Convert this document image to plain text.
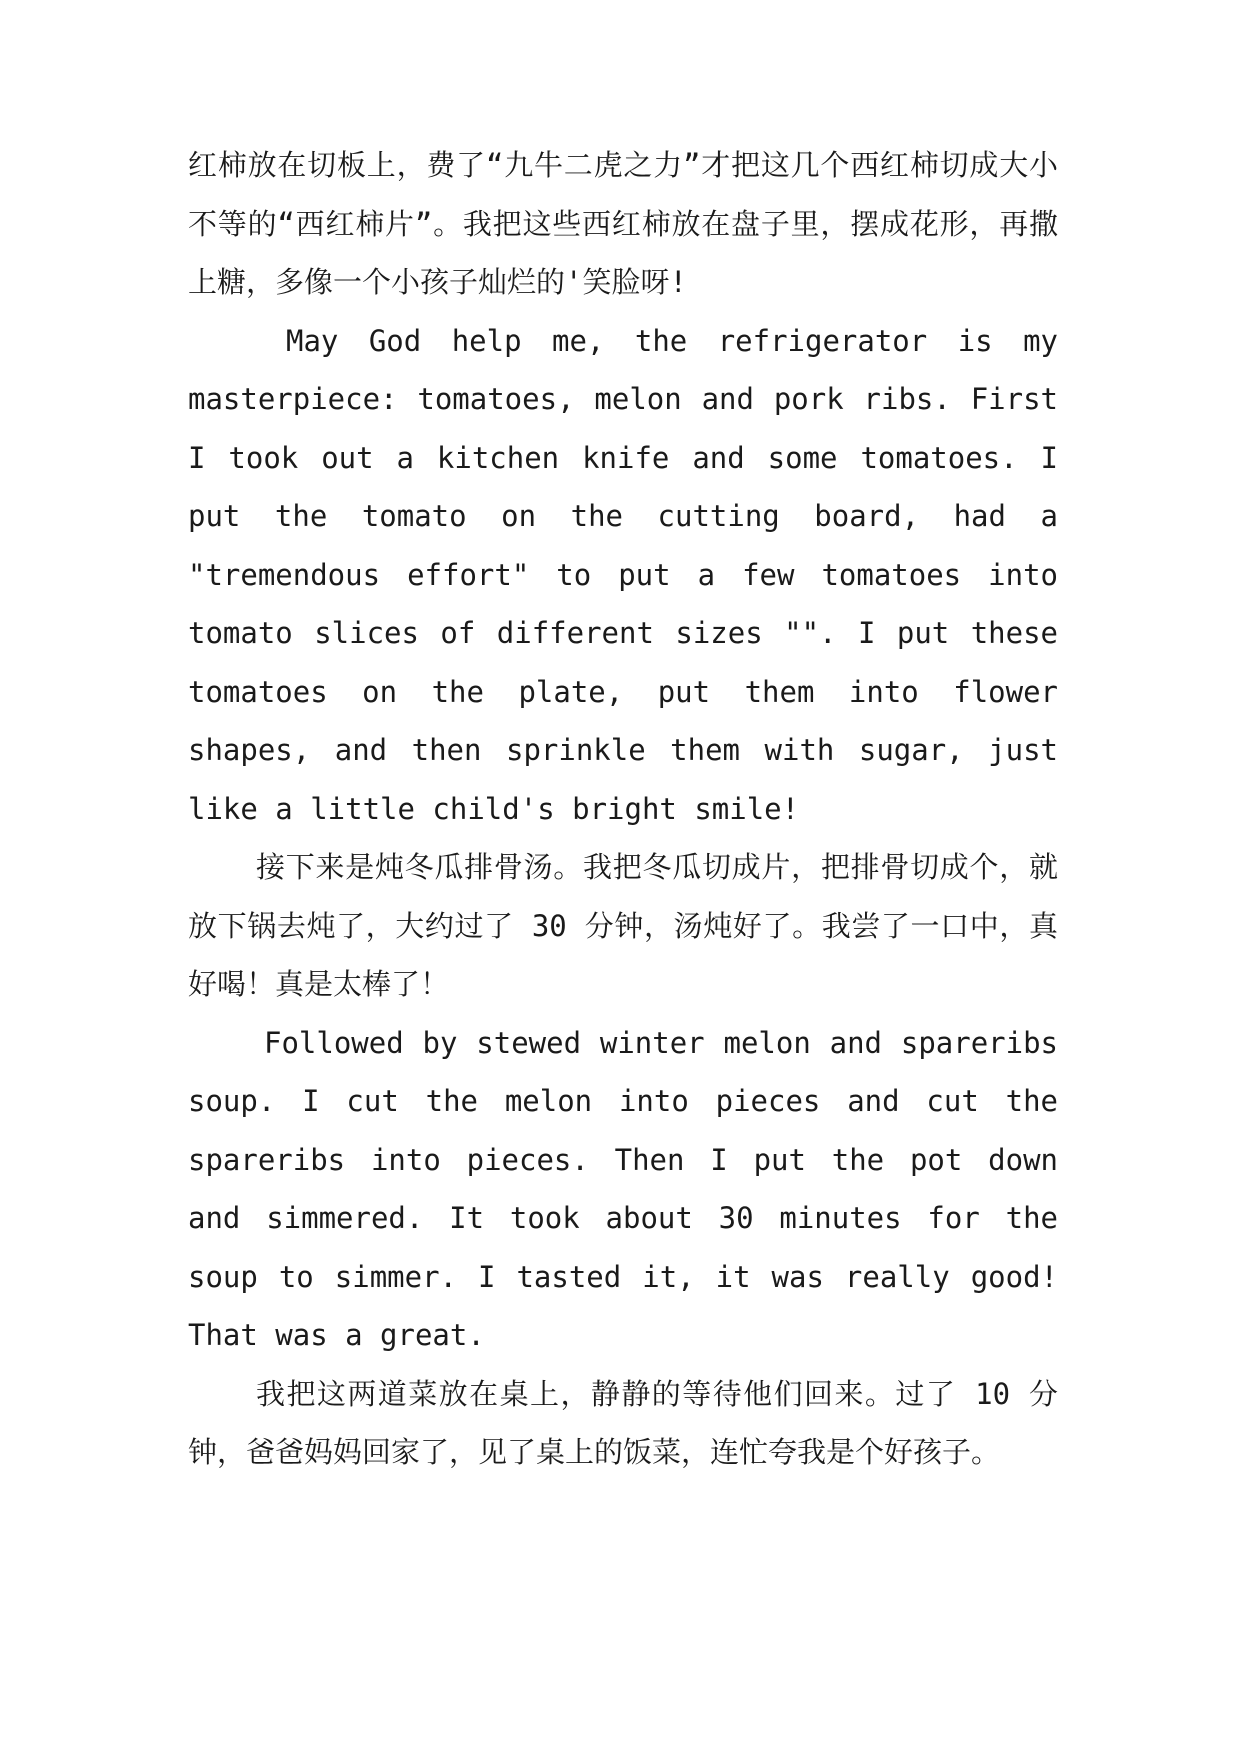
红柿放在切板上，费了“九牛二虎之力”才把这几个西红柿切成大小不等的“西红柿片”。我把这些西红柿放在盘子里，摆成花形，再撒上糖，多像一个小孩子灿烂的'笑脸呀!

May God help me, the refrigerator is my masterpiece: tomatoes, melon and pork ribs. First I took out a kitchen knife and some tomatoes. I put the tomato on the cutting board, had a "tremendous effort" to put a few tomatoes into tomato slices of different sizes "". I put these tomatoes on the plate, put them into flower shapes, and then sprinkle them with sugar, just like a little child's bright smile!

接下来是炖冬瓜排骨汤。我把冬瓜切成片，把排骨切成个，就放下锅去炖了，大约过了 30 分钟，汤炖好了。我尝了一口中，真好喝！真是太棒了！

Followed by stewed winter melon and spareribs soup. I cut the melon into pieces and cut the spareribs into pieces. Then I put the pot down and simmered. It took about 30 minutes for the soup to simmer. I tasted it, it was really good! That was a great.

我把这两道菜放在桌上，静静的等待他们回来。过了 10 分钟，爸爸妈妈回家了，见了桌上的饭菜，连忙夸我是个好孩子。
